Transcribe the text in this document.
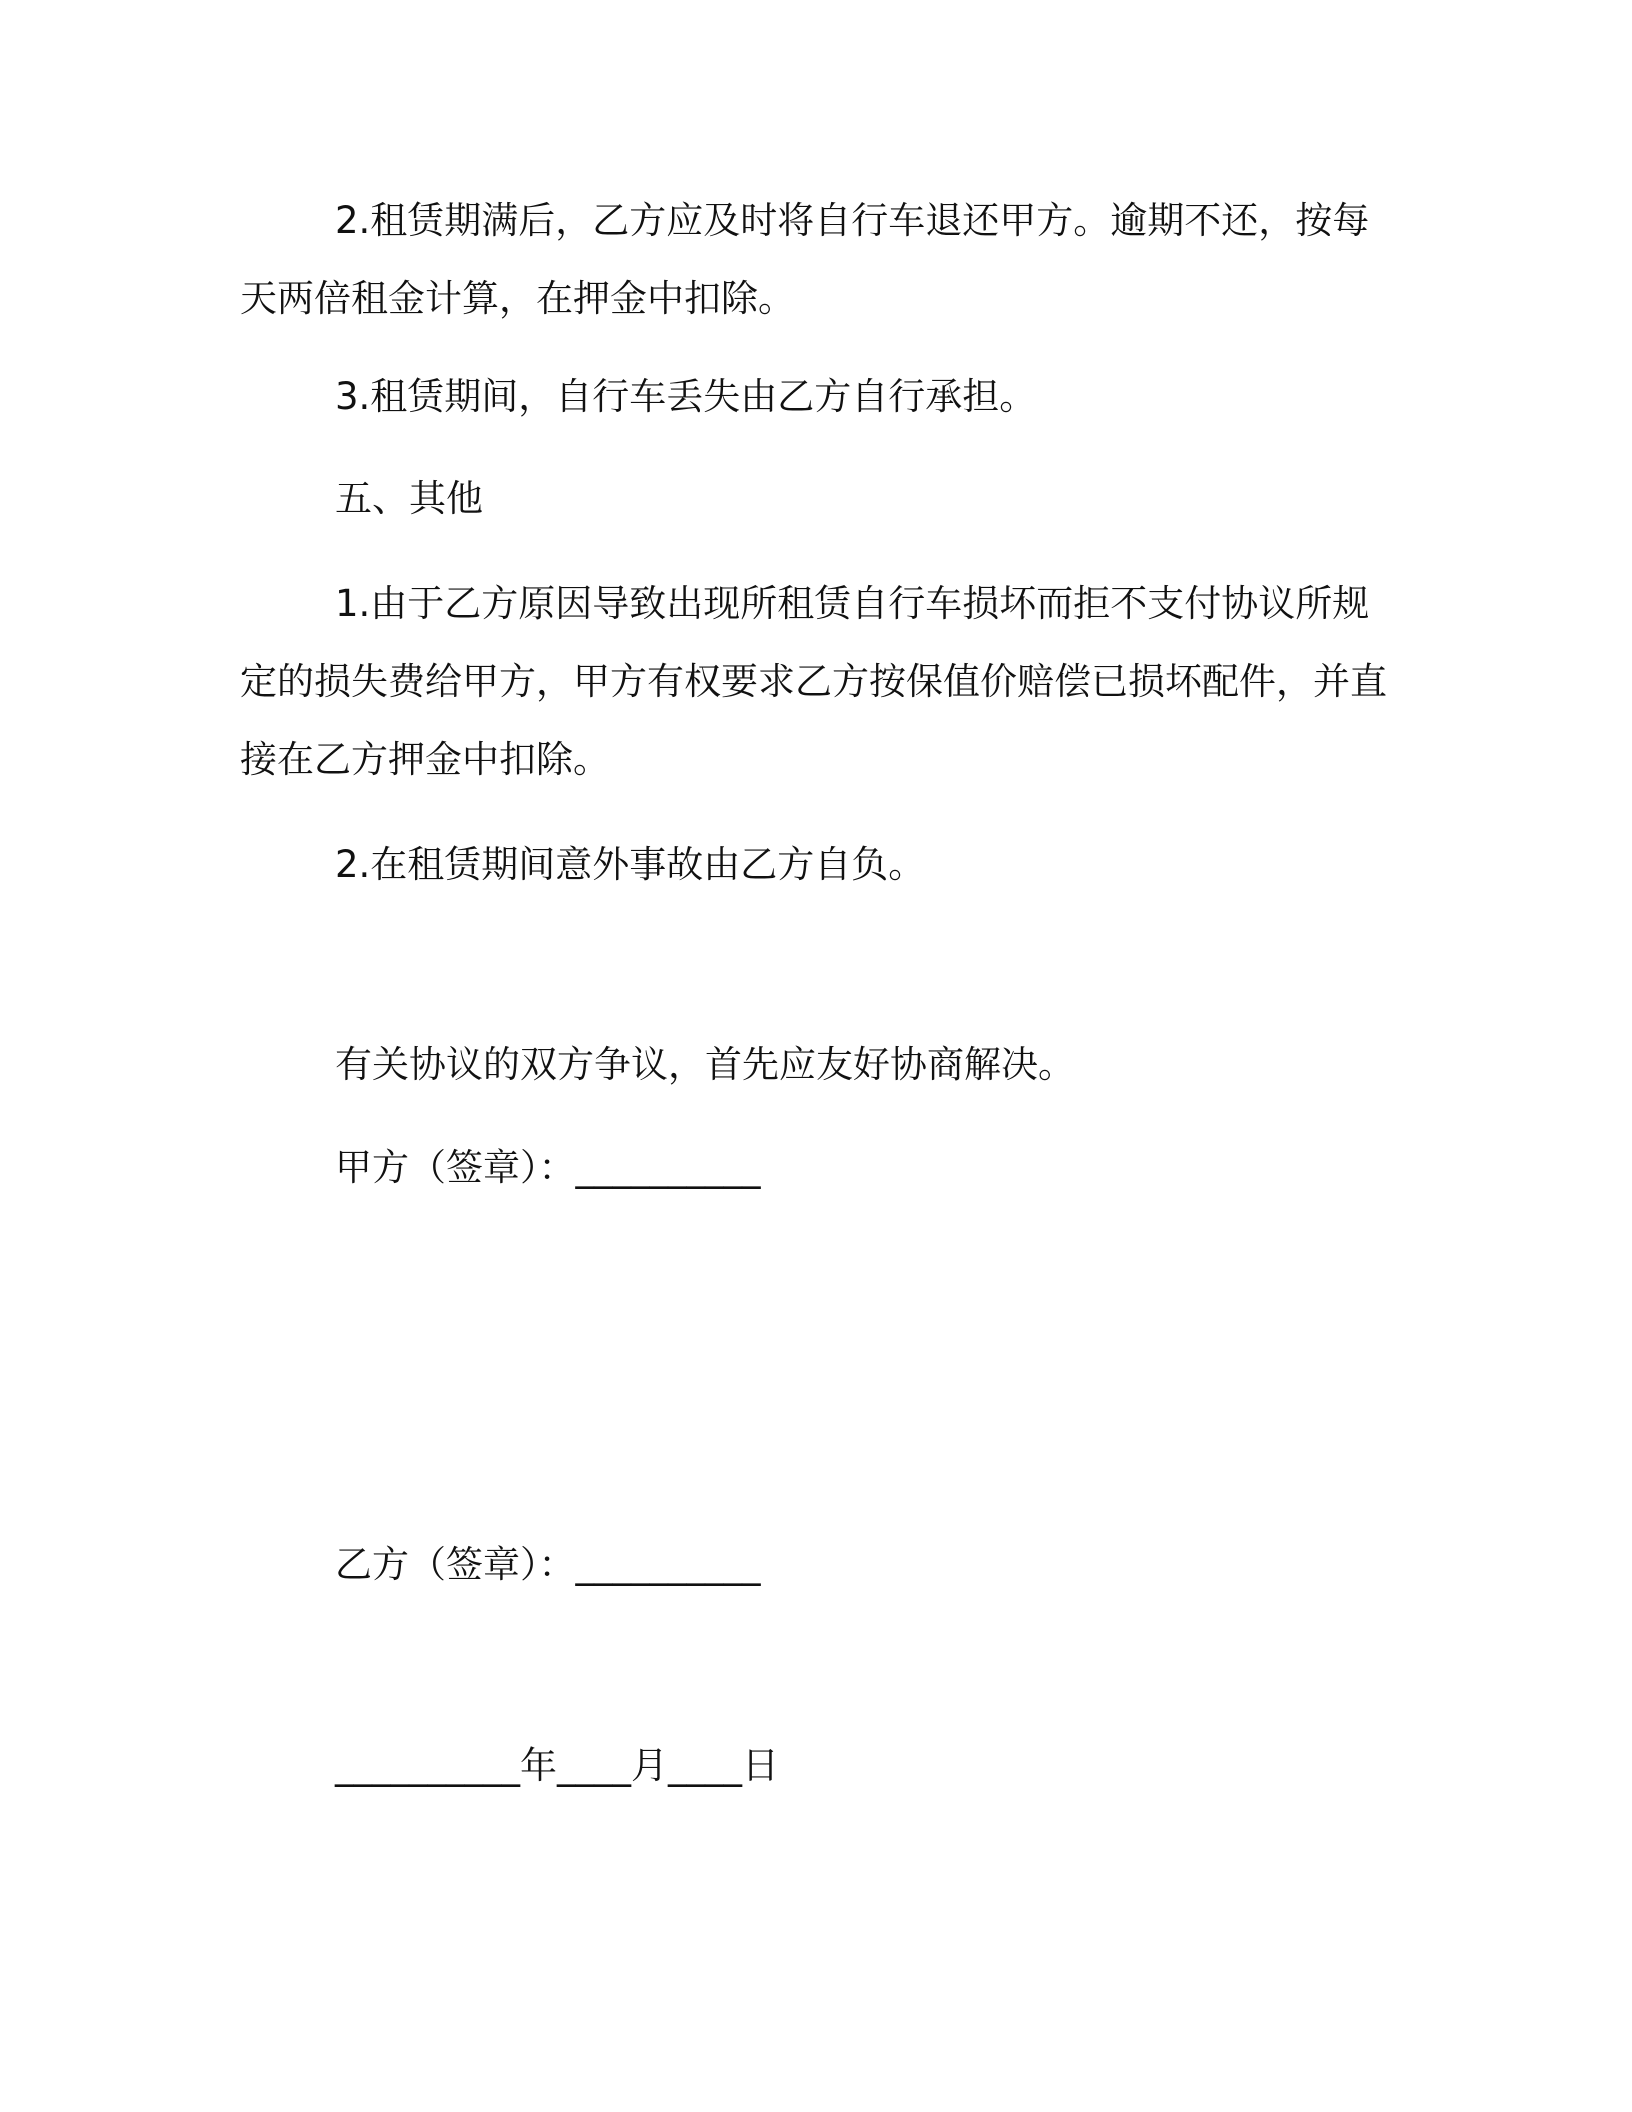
2.租赁期满后，乙方应及时将自行车退还甲方。逾期不还，按每天两倍租金计算，在押金中扣除。

3.租赁期间，自行车丢失由乙方自行承担。
五、其他

1.由于乙方原因导致出现所租赁自行车损坏而拒不支付协议所规定的损失费给甲方，甲方有权要求乙方按保值价赔偿已损坏配件，并直接在乙方押金中扣除。

2.在租赁期间意外事故由乙方自负。
有关协议的双方争议，首先应友好协商解决。
甲方（签章）：__________
乙方（签章）：__________
__________年____月____日
